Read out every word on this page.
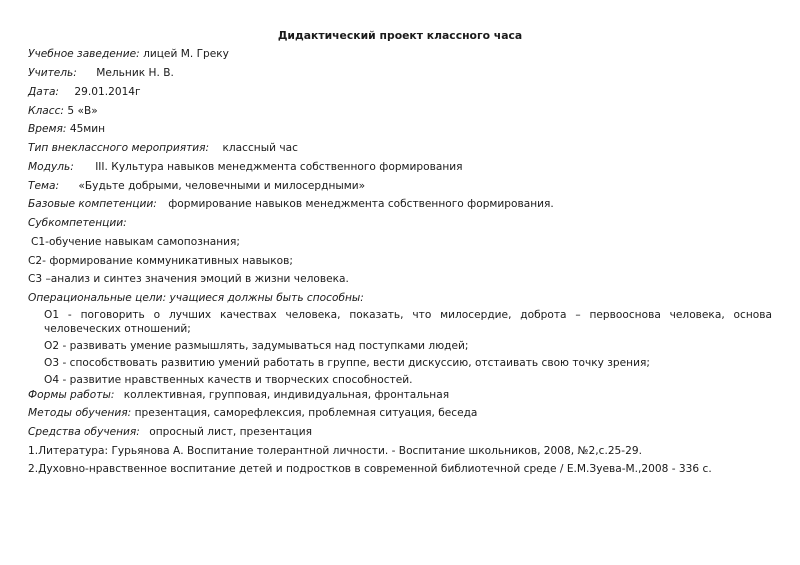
Дидактический проект классного часа
Учебное заведение: лицей М. Греку
Учитель: Мельник Н. В.
Дата: 29.01.2014г
Класс: 5 «В»
Время: 45мин
Тип внеклассного мероприятия: классный час
Модуль: III. Культура навыков менеджмента собственного формирования
Тема: «Будьте добрыми, человечными и милосердными»
Базовые компетенции: формирование навыков менеджмента собственного формирования.
Субкомпетенции:
С1-обучение навыкам самопознания;
С2- формирование коммуникативных навыков;
С3 –анализ и синтез значения эмоций в жизни человека.
Операциональные цели: учащиеся должны быть способны:
О1 - поговорить о лучших качествах человека, показать, что милосердие, доброта – первооснова человека, основа
человеческих отношений;
О2 - развивать умение размышлять, задумываться над поступками людей;
О3 - способствовать развитию умений работать в группе, вести дискуссию, отстаивать свою точку зрения;
О4 - развитие нравственных качеств и творческих способностей.
Формы работы: коллективная, групповая, индивидуальная, фронтальная
Методы обучения: презентация, саморефлексия, проблемная ситуация, беседа
Средства обучения: опросный лист, презентация
1.Литература: Гурьянова А. Воспитание толерантной личности. - Воспитание школьников, 2008, №2,с.25-29.
2.Духовно-нравственное воспитание детей и подростков в современной библиотечной среде / Е.М.Зуева-М.,2008 - 336 с.
